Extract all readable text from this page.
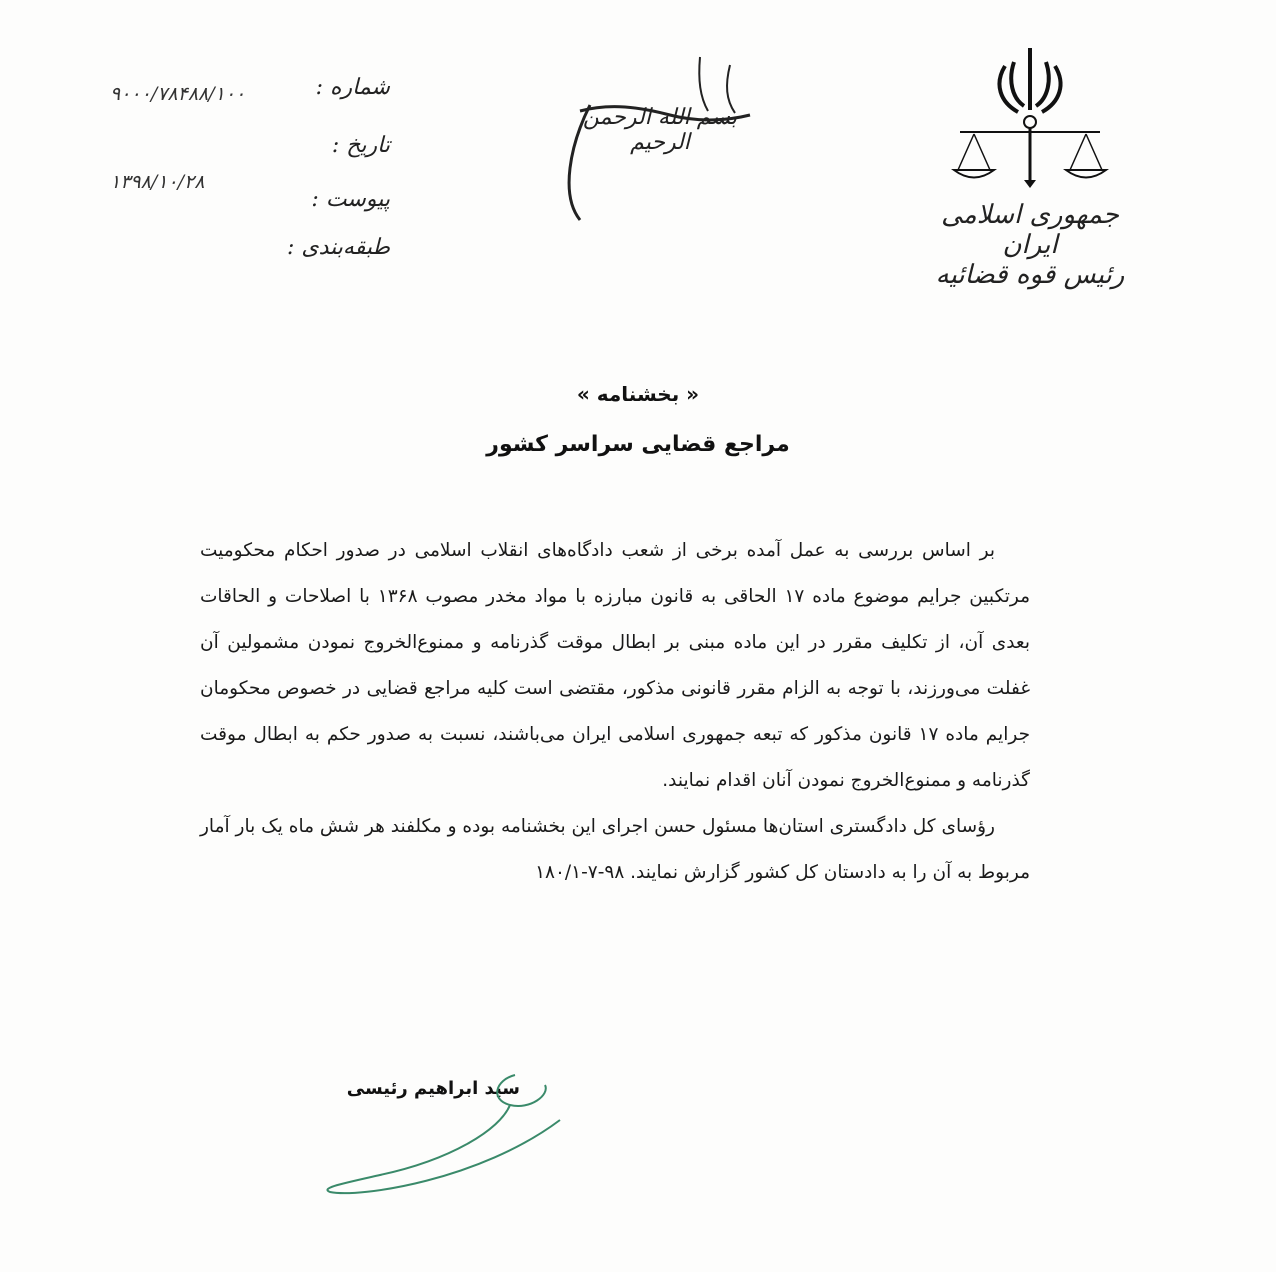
جمهوری اسلامی ایران
رئیس قوه قضائیه
بسم الله الرحمن الرحیم
شماره :
۹۰۰۰/۷۸۴۸۸/۱۰۰
تاریخ :
۱۳۹۸/۱۰/۲۸
پیوست :
طبقه‌بندی :
« بخشنامه »
مراجع قضایی سراسر کشور

بر اساس بررسی به عمل آمده برخی از شعب دادگاه‌های انقلاب اسلامی در صدور احکام محکومیت مرتکبین جرایم موضوع ماده ۱۷ الحاقی به قانون مبارزه با مواد مخدر مصوب ۱۳۶۸ با اصلاحات و الحاقات بعدی آن، از تکلیف مقرر در این ماده مبنی بر ابطال موقت گذرنامه و ممنوع‌الخروج نمودن مشمولین آن غفلت می‌ورزند، با توجه به الزام مقرر قانونی مذکور، مقتضی است کلیه مراجع قضایی در خصوص محکومان جرایم ماده ۱۷ قانون مذکور که تبعه جمهوری اسلامی ایران می‌باشند، نسبت به صدور حکم به ابطال موقت گذرنامه و ممنوع‌الخروج نمودن آنان اقدام نمایند.

رؤسای کل دادگستری استان‌ها مسئول حسن اجرای این بخشنامه بوده و مکلفند هر شش ماه یک بار آمار مربوط به آن را به دادستان کل کشور گزارش نمایند. ۹۸-۷-۱۸۰/۱

سید ابراهیم رئیسی
